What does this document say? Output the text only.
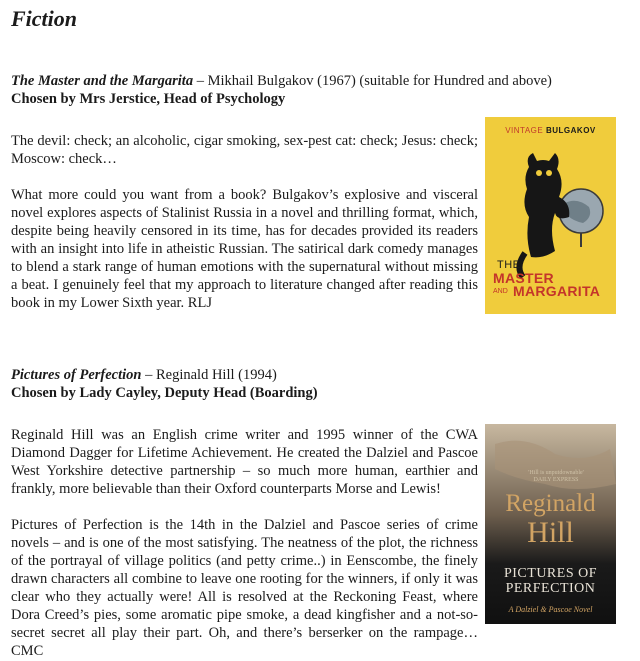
Fiction
The Master and the Margarita – Mikhail Bulgakov (1967) (suitable for Hundred and above)
Chosen by Mrs Jerstice, Head of Psychology

The devil: check; an alcoholic, cigar smoking, sex-pest cat: check; Jesus: check; Moscow: check…

What more could you want from a book? Bulgakov’s explosive and visceral novel explores aspects of Stalinist Russia in a novel and thrilling format, which, despite being heavily censored in its time, has for decades provided its readers with an insight into life in atheistic Russian. The satirical dark comedy manages to blend a stark range of human emotions with the supernatural without missing a beat. I genuinely feel that my approach to literature changed after reading this book in my Lower Sixth year. RLJ

VINTAGE BULGAKOV
THE
MASTER
AND MARGARITA
Pictures of Perfection – Reginald Hill (1994)
Chosen by Lady Cayley, Deputy Head (Boarding)

Reginald Hill was an English crime writer and 1995 winner of the CWA Diamond Dagger for Lifetime Achievement. He created the Dalziel and Pascoe West Yorkshire detective partnership – so much more human, earthier and frankly, more believable than their Oxford counterparts Morse and Lewis!

Pictures of Perfection is the 14th in the Dalziel and Pascoe series of crime novels – and is one of the most satisfying. The neatness of the plot, the richness of the portrayal of village politics (and petty crime..) in Eenscombe, the finely drawn characters all combine to leave one rooting for the winners, if only it was clear who they actually were! All is resolved at the Reckoning Feast, where Dora Creed’s pies, some aromatic pipe smoke, a dead kingfisher and a not-so-secret secret all play their part. Oh, and there’s berserker on the rampage… CMC

'Hill is unputdownable' DAILY EXPRESS
Reginald
Hill
PICTURES OF
PERFECTION
A Dalziel & Pascoe Novel
